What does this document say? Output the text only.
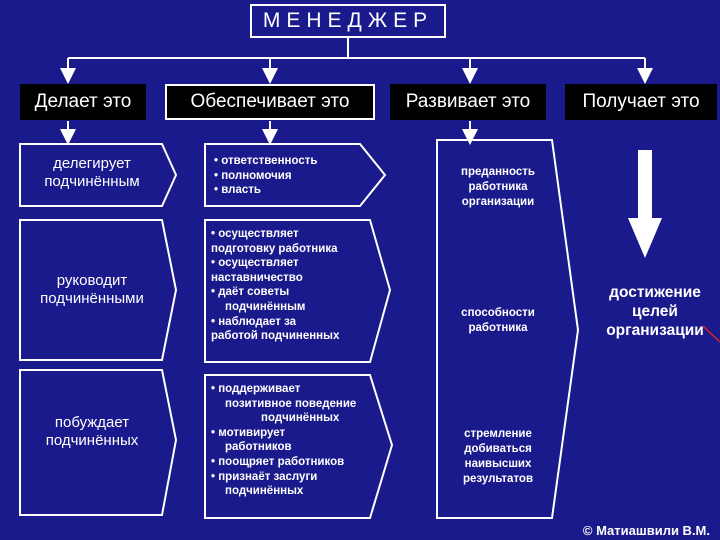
МЕНЕДЖЕР
Делает это	Обеспечивает это	Развивает это	Получает это
делегирует подчинённым
руководит подчинёнными
побуждает подчинённых
• ответственность
• полномочия
• власть
• осуществляет
подготовку работника
• осуществляет
наставничество
• даёт советы
подчинённым
• наблюдает за
работой подчиненных
• поддерживает
позитивное поведение
подчинённых
• мотивирует
работников
• поощряет работников
• признаёт заслуги
подчинённых
преданность работника организации
способности работника
стремление добиваться наивысших результатов
достижение целей организации
© Матиашвили В.М.
